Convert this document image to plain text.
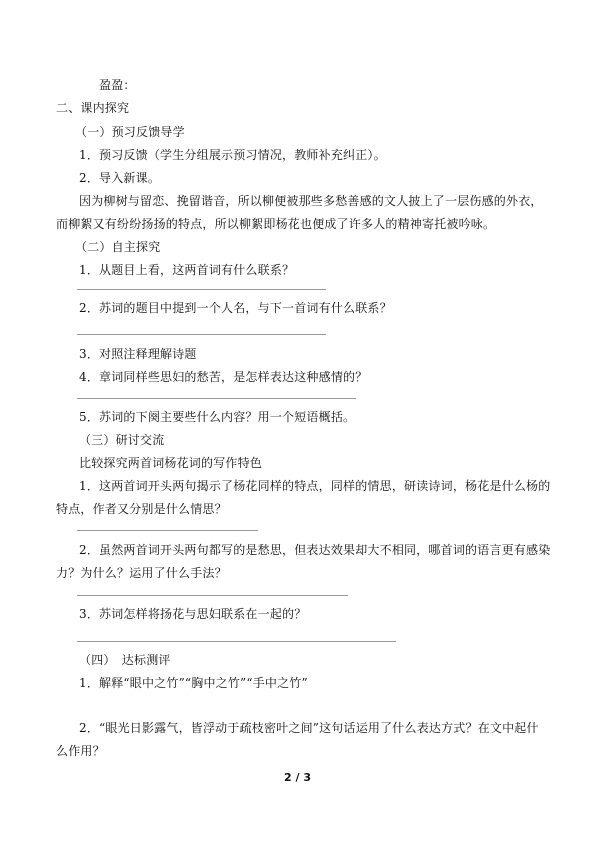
盈盈：
二、课内探究
（一）预习反馈导学
1．预习反馈（学生分组展示预习情况，教师补充纠正）。
2．导入新课。
因为柳树与留恋、挽留谐音，所以柳便被那些多愁善感的文人披上了一层伤感的外衣，
而柳絮又有纷纷扬扬的特点，所以柳絮即杨花也便成了许多人的精神寄托被吟咏。
（二）自主探究
1．从题目上看，这两首词有什么联系？
2．苏词的题目中提到一个人名，与下一首词有什么联系？
3．对照注释理解诗题
4．章词同样些思妇的愁苦，是怎样表达这种感情的？
5．苏词的下阕主要些什么内容？用一个短语概括。
（三）研讨交流
比较探究两首词杨花词的写作特色
1．这两首词开头两句揭示了杨花同样的特点，同样的情思，研读诗词，杨花是什么杨的
特点，作者又分别是什么情思？
2．虽然两首词开头两句都写的是愁思，但表达效果却大不相同，哪首词的语言更有感染
力？为什么？运用了什么手法？
3．苏词怎样将扬花与思妇联系在一起的？
（四）　达标测评
1．解释“眼中之竹”“胸中之竹”“手中之竹”
2．“眼光日影露气，皆浮动于疏枝密叶之间”这句话运用了什么表达方式？在文中起什
么作用？
2 / 3
